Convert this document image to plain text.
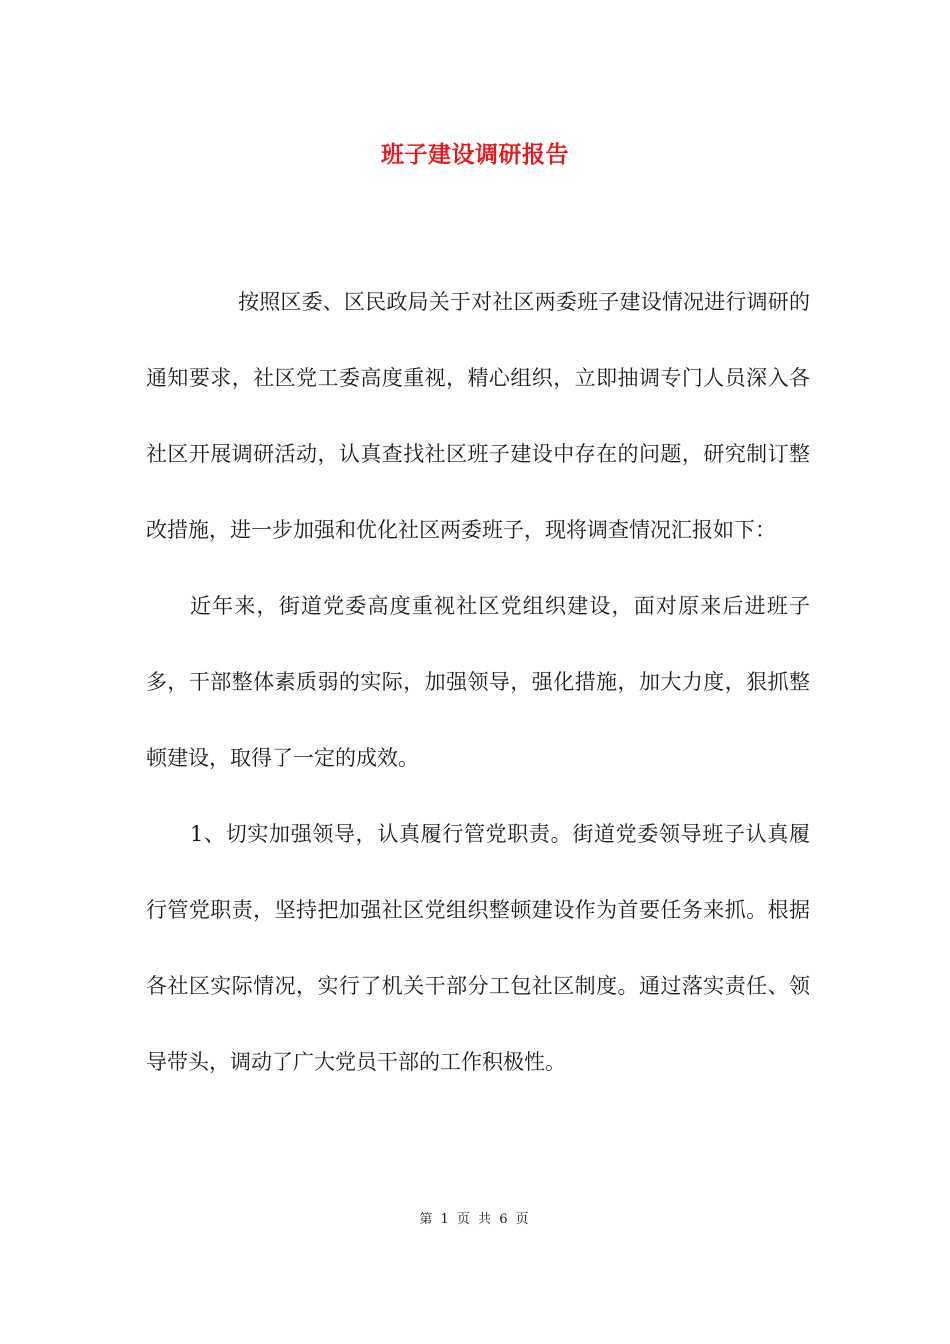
班子建设调研报告

按照区委、区民政局关于对社区两委班子建设情况进行调研的通知要求，社区党工委高度重视，精心组织，立即抽调专门人员深入各社区开展调研活动，认真查找社区班子建设中存在的问题，研究制订整改措施，进一步加强和优化社区两委班子，现将调查情况汇报如下：

近年来，街道党委高度重视社区党组织建设，面对原来后进班子多，干部整体素质弱的实际，加强领导，强化措施，加大力度，狠抓整顿建设，取得了一定的成效。

1、切实加强领导，认真履行管党职责。街道党委领导班子认真履行管党职责，坚持把加强社区党组织整顿建设作为首要任务来抓。根据各社区实际情况，实行了机关干部分工包社区制度。通过落实责任、领导带头，调动了广大党员干部的工作积极性。

第 1 页 共 6 页
